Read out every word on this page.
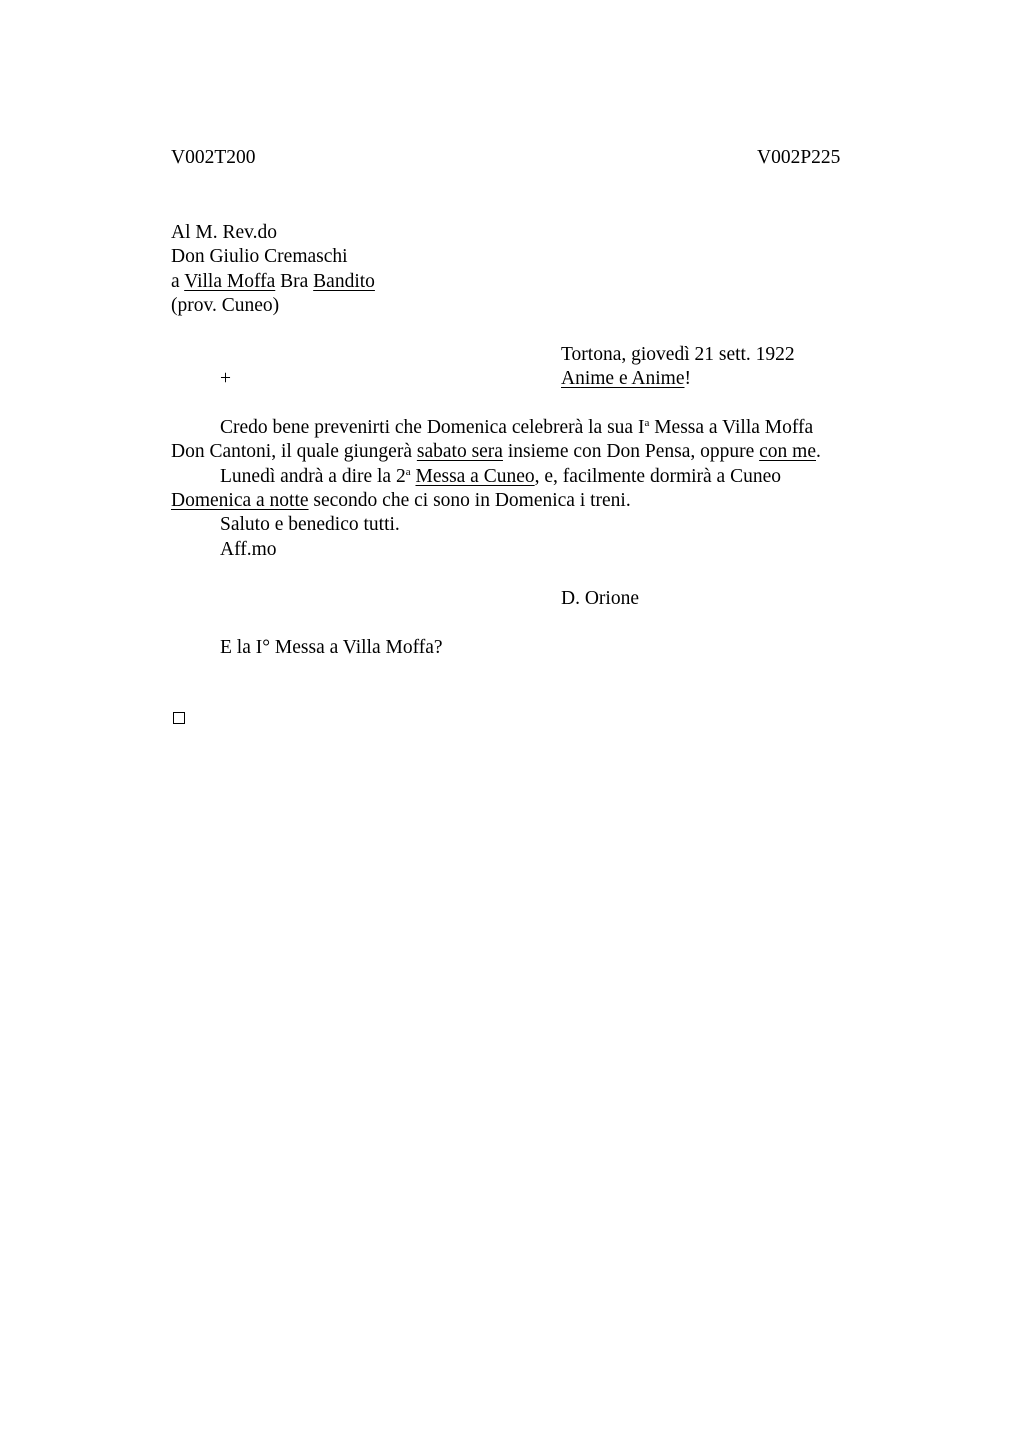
V002T200	V002P225
Al M. Rev.do
Don Giulio Cremaschi
a Villa Moffa Bra Bandito
(prov. Cuneo)
Tortona, giovedì 21 sett. 1922
+	Anime e Anime!
Credo bene prevenirti che Domenica celebrerà la sua $I^a$ Messa a Villa Moffa
Don Cantoni, il quale giungerà sabato sera insieme con Don Pensa, oppure con me.
Lunedì andrà a dire la 2$^a$ Messa a Cuneo, e, facilmente dormirà a Cuneo
Domenica a notte secondo che ci sono in Domenica i treni.
Saluto e benedico tutti.
Aff.mo
D. Orione
E la I° Messa a Villa Moffa?
